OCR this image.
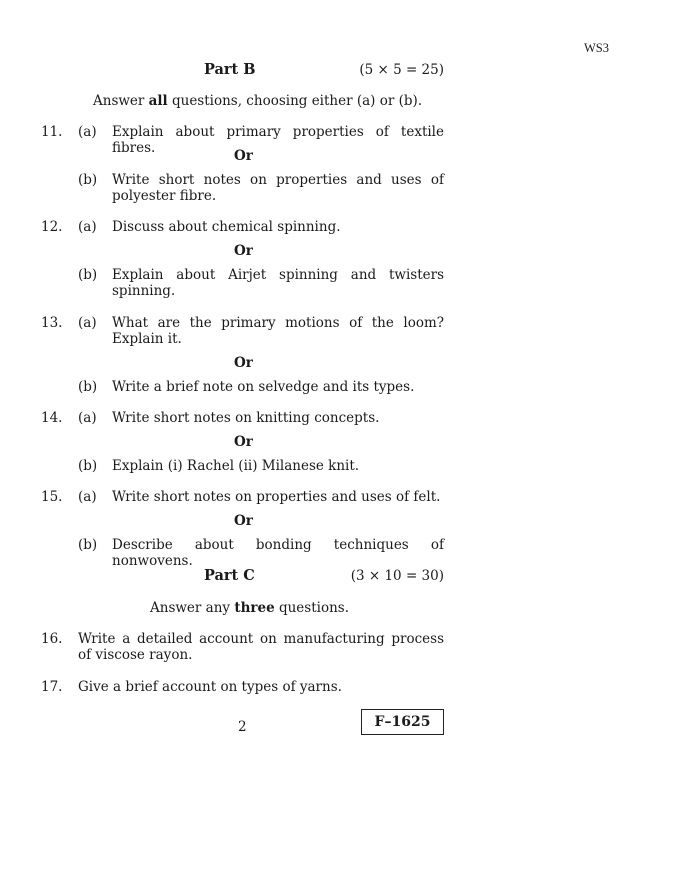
WS3
Part B	(5 × 5 = 25)
Answer all questions, choosing either (a) or (b).
11. (a) Explain about primary properties of textile fibres.	Or
(b) Write short notes on properties and uses of polyester fibre.
12. (a) Discuss about chemical spinning.
Or
(b) Explain about Airjet spinning and twisters spinning.
13. (a) What are the primary motions of the loom? Explain it.
Or
(b) Write a brief note on selvedge and its types.
14. (a) Write short notes on knitting concepts.
Or
(b) Explain (i) Rachel (ii) Milanese knit.
15. (a) Write short notes on properties and uses of felt.
Or
(b) Describe about bonding techniques of nonwovens.
Part C	(3 × 10 = 30)
Answer any three questions.
16. Write a detailed account on manufacturing process of viscose rayon.
17. Give a brief account on types of yarns.
2	F–1625
